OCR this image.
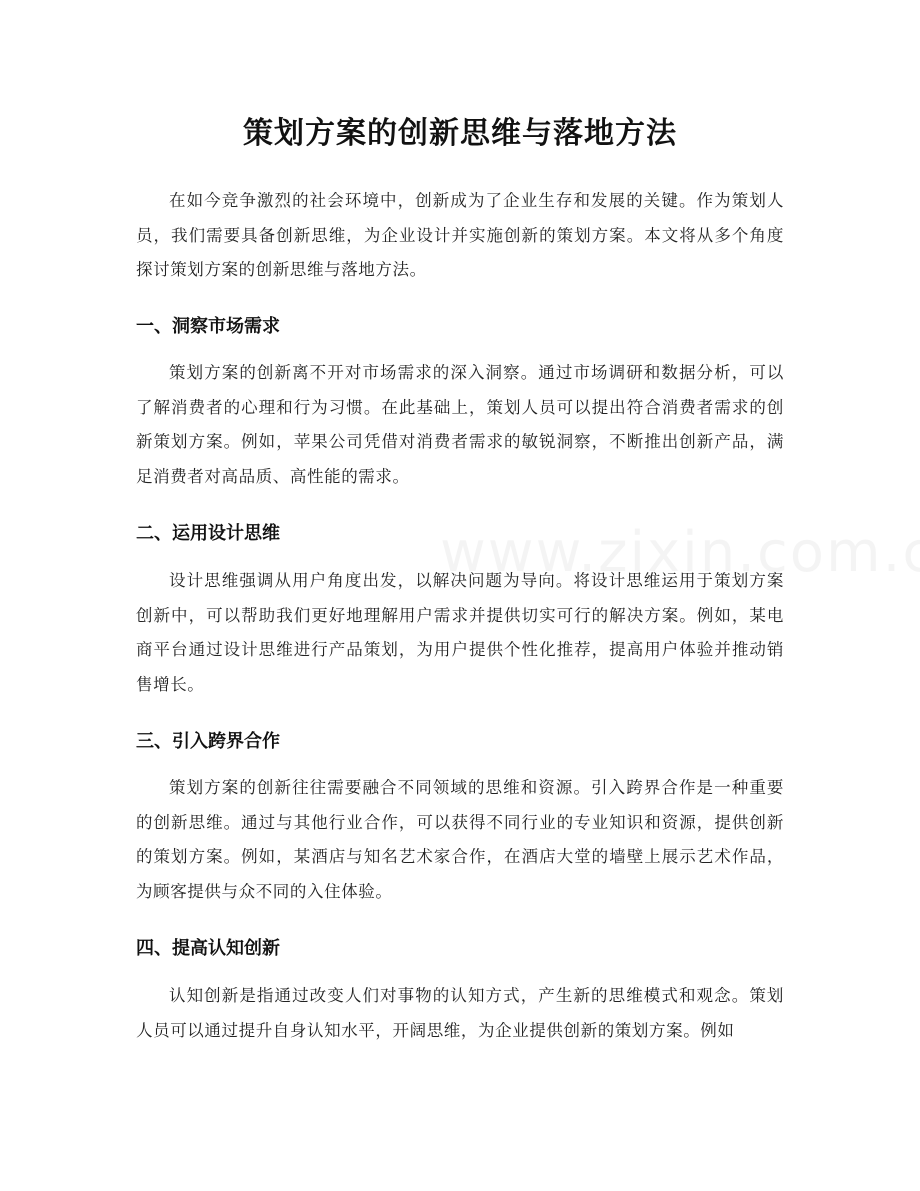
策划方案的创新思维与落地方法
在如今竞争激烈的社会环境中，创新成为了企业生存和发展的关键。作为策划人员，我们需要具备创新思维，为企业设计并实施创新的策划方案。本文将从多个角度探讨策划方案的创新思维与落地方法。
一、洞察市场需求
策划方案的创新离不开对市场需求的深入洞察。通过市场调研和数据分析，可以了解消费者的心理和行为习惯。在此基础上，策划人员可以提出符合消费者需求的创新策划方案。例如，苹果公司凭借对消费者需求的敏锐洞察，不断推出创新产品，满足消费者对高品质、高性能的需求。
二、运用设计思维
设计思维强调从用户角度出发，以解决问题为导向。将设计思维运用于策划方案创新中，可以帮助我们更好地理解用户需求并提供切实可行的解决方案。例如，某电商平台通过设计思维进行产品策划，为用户提供个性化推荐，提高用户体验并推动销售增长。
三、引入跨界合作
策划方案的创新往往需要融合不同领域的思维和资源。引入跨界合作是一种重要的创新思维。通过与其他行业合作，可以获得不同行业的专业知识和资源，提供创新的策划方案。例如，某酒店与知名艺术家合作，在酒店大堂的墙壁上展示艺术作品，为顾客提供与众不同的入住体验。
四、提高认知创新
认知创新是指通过改变人们对事物的认知方式，产生新的思维模式和观念。策划人员可以通过提升自身认知水平，开阔思维，为企业提供创新的策划方案。例如
